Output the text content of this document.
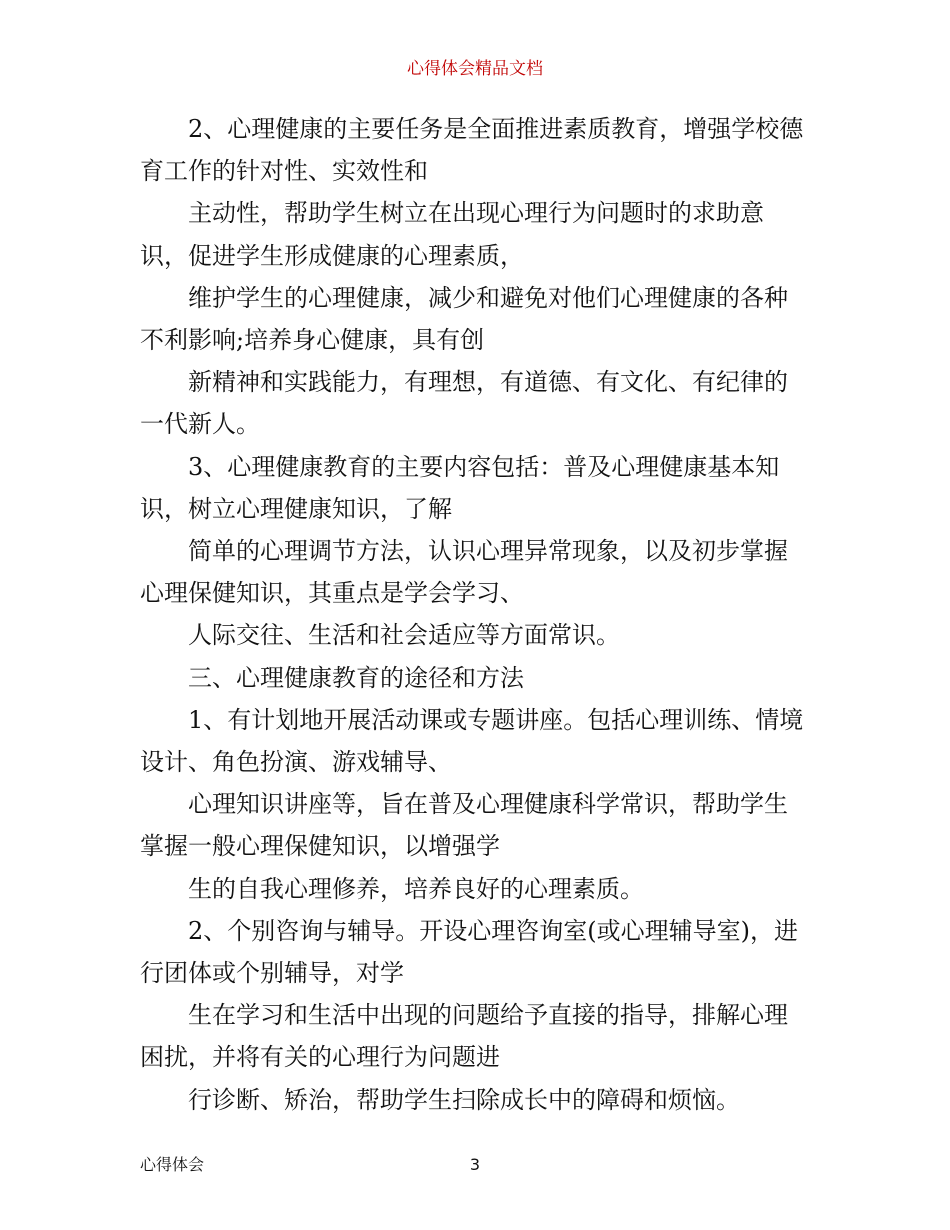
心得体会精品文档

2、心理健康的主要任务是全面推进素质教育，增强学校德育工作的针对性、实效性和

主动性，帮助学生树立在出现心理行为问题时的求助意识，促进学生形成健康的心理素质，

维护学生的心理健康，减少和避免对他们心理健康的各种不利影响;培养身心健康，具有创

新精神和实践能力，有理想，有道德、有文化、有纪律的一代新人。

3、心理健康教育的主要内容包括：普及心理健康基本知识，树立心理健康知识，了解

简单的心理调节方法，认识心理异常现象，以及初步掌握心理保健知识，其重点是学会学习、

人际交往、生活和社会适应等方面常识。

三、心理健康教育的途径和方法

1、有计划地开展活动课或专题讲座。包括心理训练、情境设计、角色扮演、游戏辅导、

心理知识讲座等，旨在普及心理健康科学常识，帮助学生掌握一般心理保健知识，以增强学

生的自我心理修养，培养良好的心理素质。

2、个别咨询与辅导。开设心理咨询室(或心理辅导室)，进行团体或个别辅导，对学

生在学习和生活中出现的问题给予直接的指导，排解心理困扰，并将有关的心理行为问题进

行诊断、矫治，帮助学生扫除成长中的障碍和烦恼。

心得体会	3
